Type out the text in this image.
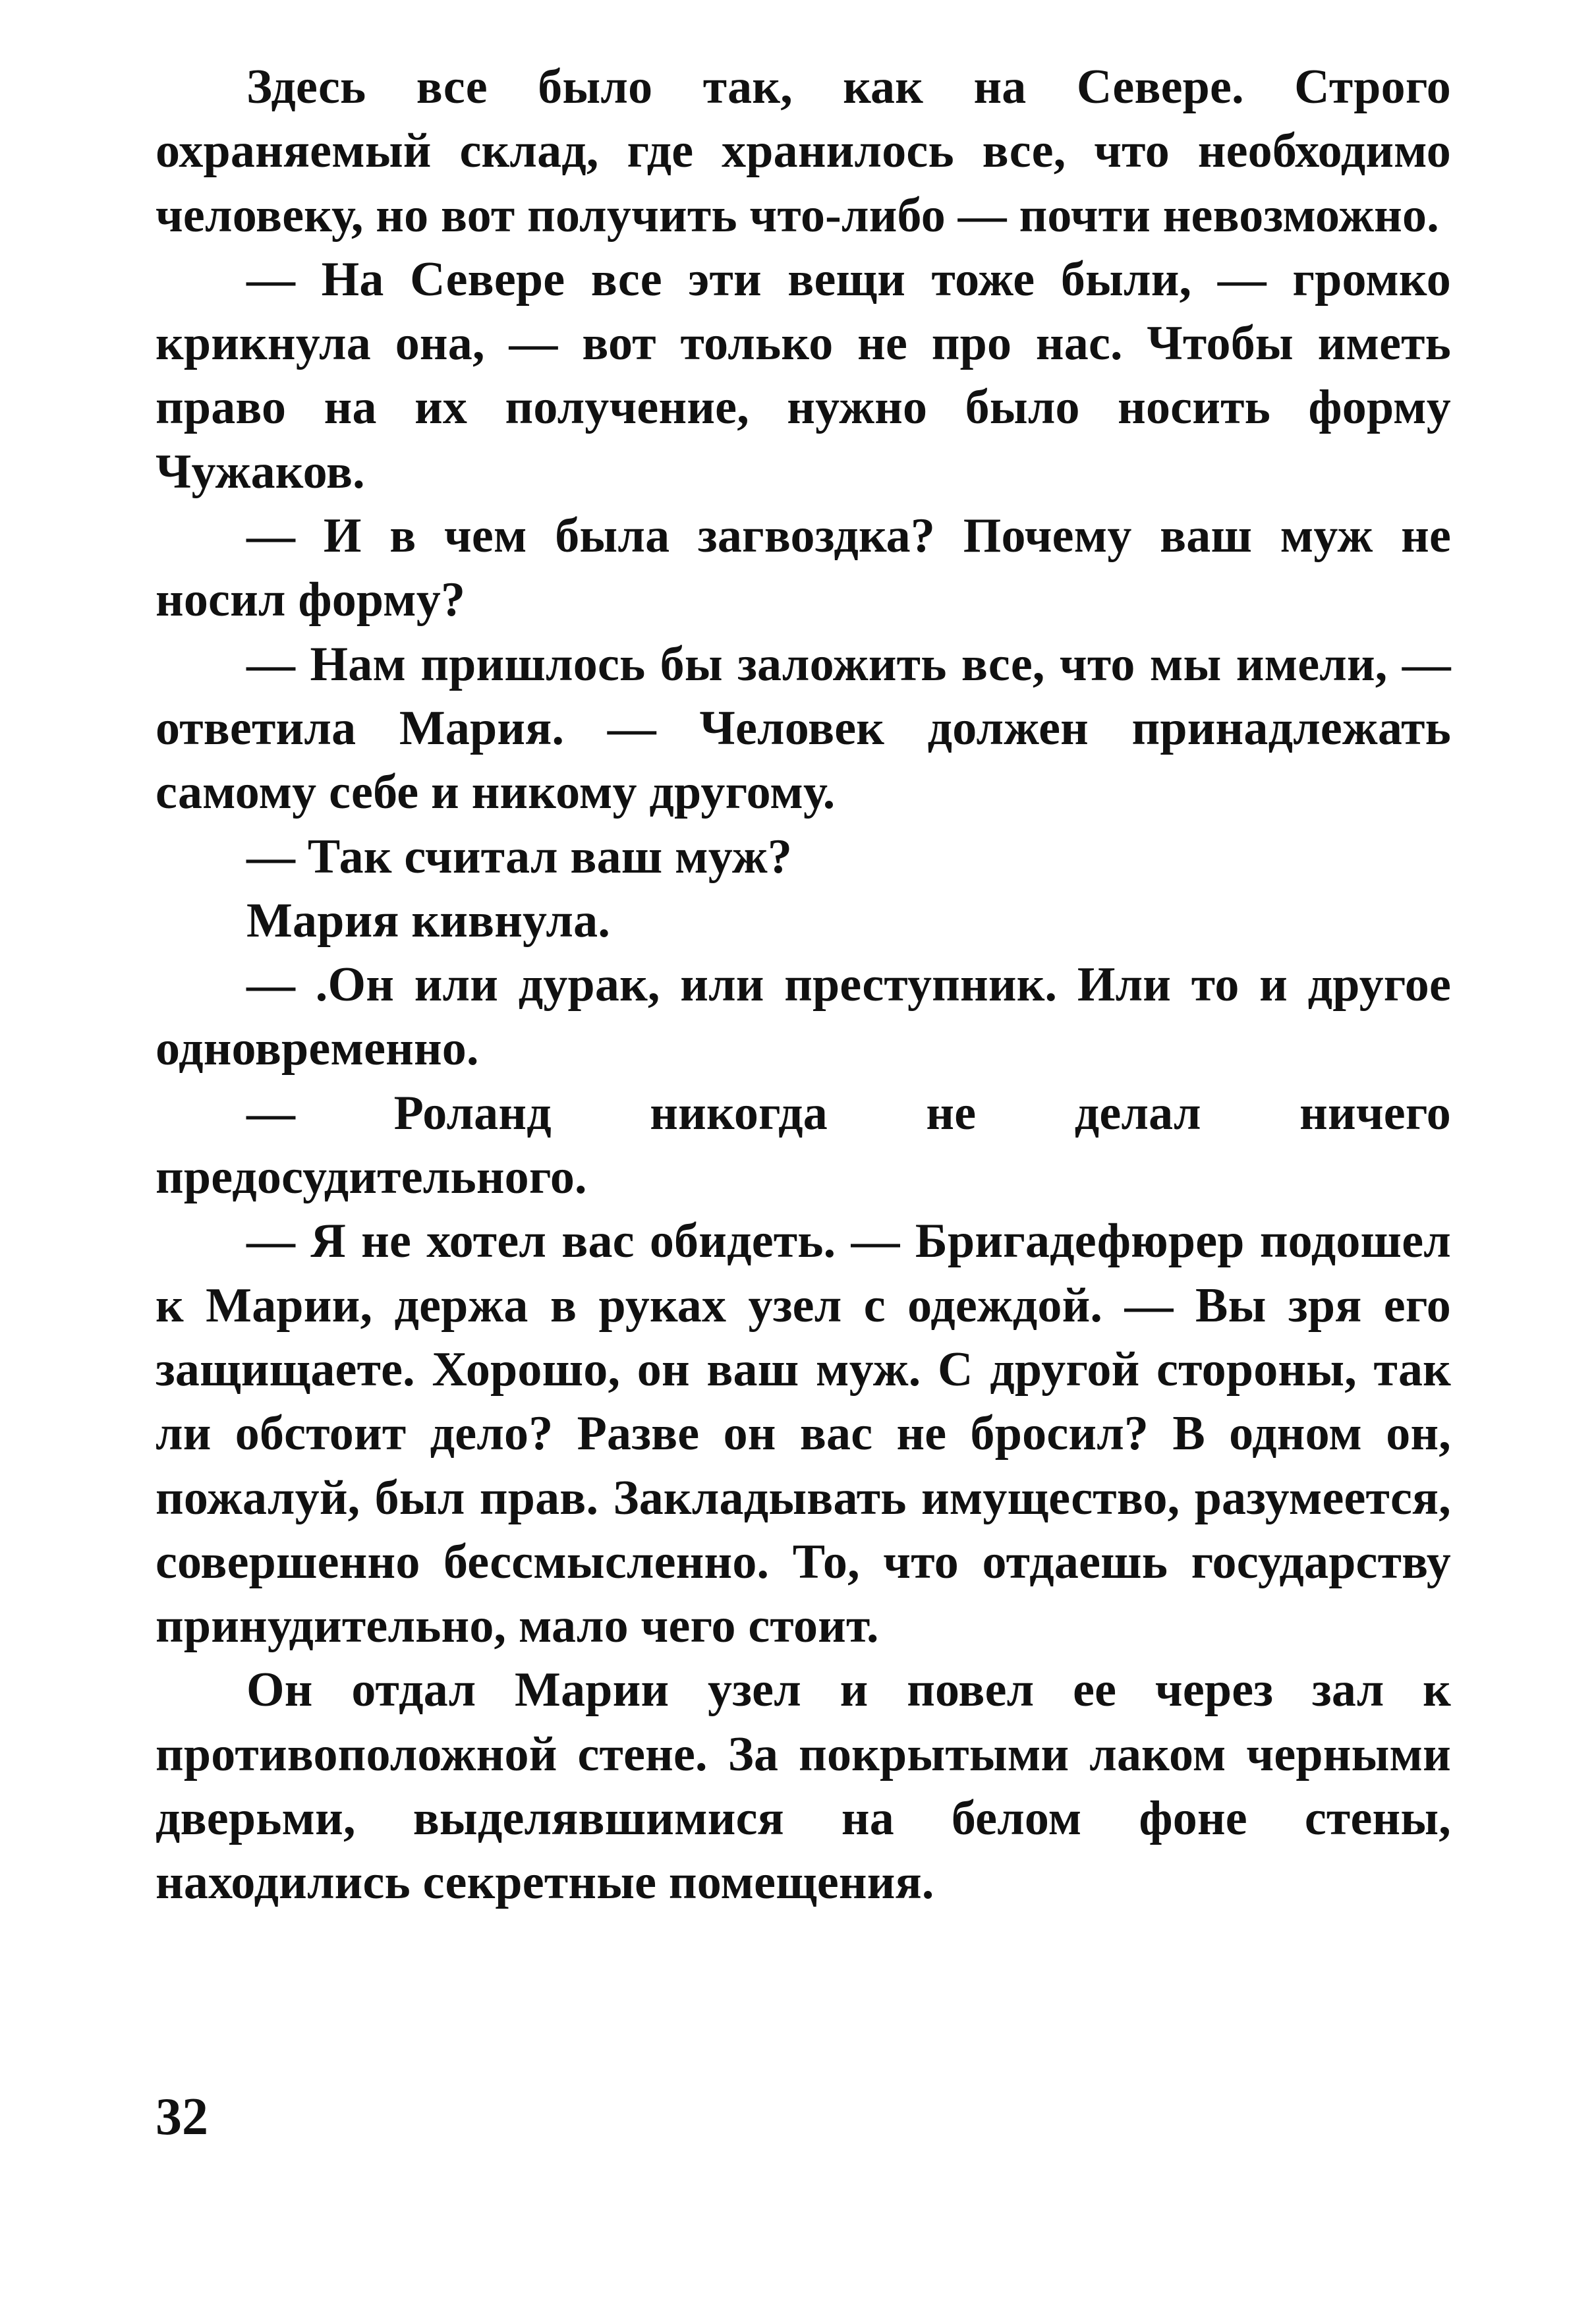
Здесь все было так, как на Севере. Строго охраняемый склад, где хранилось все, что необходимо человеку, но вот получить что-либо — почти невозможно.

— На Севере все эти вещи тоже были, — громко крикнула она, — вот только не про нас. Чтобы иметь право на их получение, нужно было носить форму Чужаков.

— И в чем была загвоздка? Почему ваш муж не носил форму?

— Нам пришлось бы заложить все, что мы имели, — ответила Мария. — Человек должен принадлежать самому себе и никому другому.

— Так считал ваш муж?

Мария кивнула.

— .Он или дурак, или преступник. Или то и другое одновременно.

— Роланд никогда не делал ничего предосудительного.

— Я не хотел вас обидеть. — Бригадефюрер подошел к Марии, держа в руках узел с одеждой. — Вы зря его защищаете. Хорошо, он ваш муж. С другой стороны, так ли обстоит дело? Разве он вас не бросил? В одном он, пожалуй, был прав. Закладывать имущество, разумеется, совершенно бессмысленно. То, что отдаешь государству принудительно, мало чего стоит.

Он отдал Марии узел и повел ее через зал к противоположной стене. За покрытыми лаком черными дверьми, выделявшимися на белом фоне стены, находились секретные помещения.

32
